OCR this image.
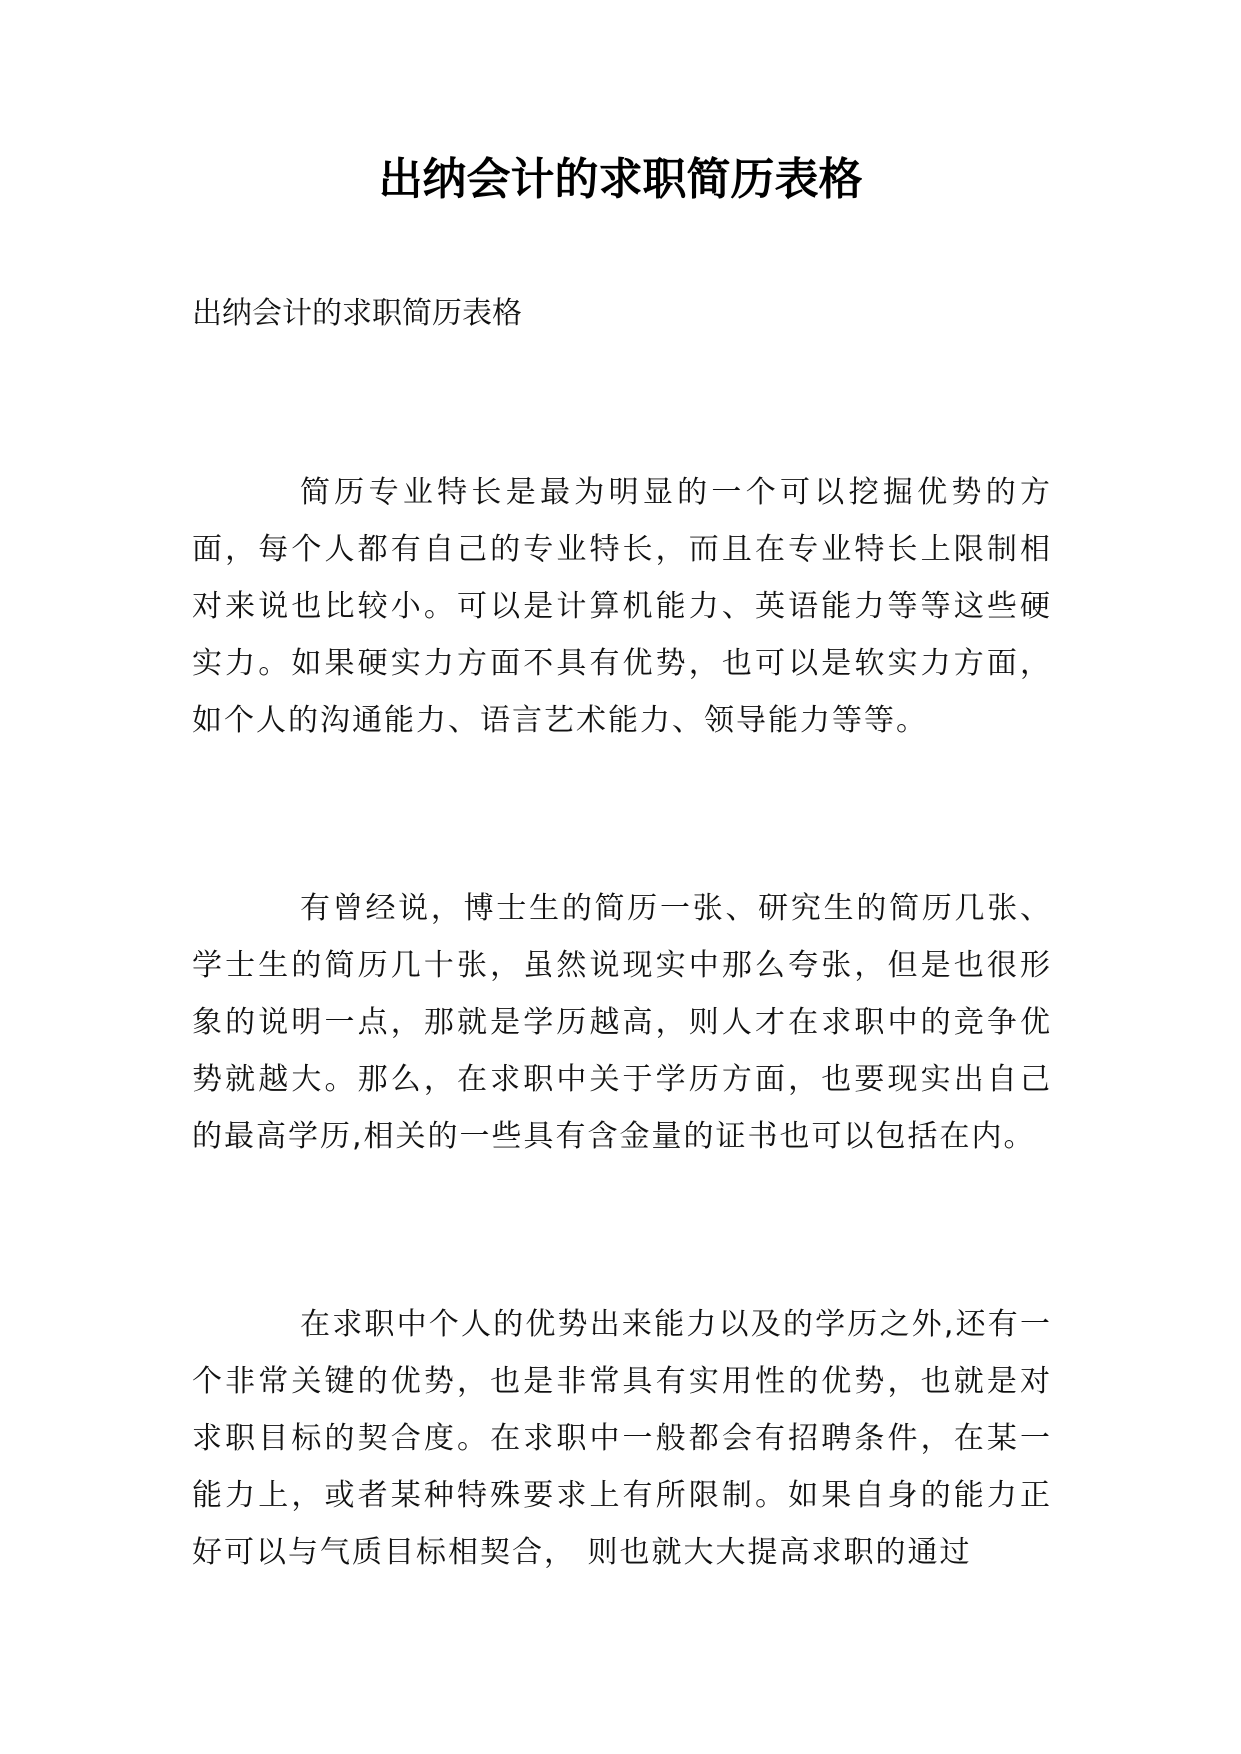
出纳会计的求职简历表格

出纳会计的求职简历表格

简历专业特长是最为明显的一个可以挖掘优势的方面，每个人都有自己的专业特长，而且在专业特长上限制相对来说也比较小。可以是计算机能力、英语能力等等这些硬实力。如果硬实力方面不具有优势，也可以是软实力方面，如个人的沟通能力、语言艺术能力、领导能力等等。

有曾经说，博士生的简历一张、研究生的简历几张、学士生的简历几十张，虽然说现实中那么夸张，但是也很形象的说明一点，那就是学历越高，则人才在求职中的竞争优势就越大。那么，在求职中关于学历方面，也要现实出自己的最高学历,相关的一些具有含金量的证书也可以包括在内。

在求职中个人的优势出来能力以及的学历之外,还有一个非常关键的优势，也是非常具有实用性的优势，也就是对求职目标的契合度。在求职中一般都会有招聘条件，在某一能力上，或者某种特殊要求上有所限制。如果自身的能力正好可以与气质目标相契合， 则也就大大提高求职的通过
